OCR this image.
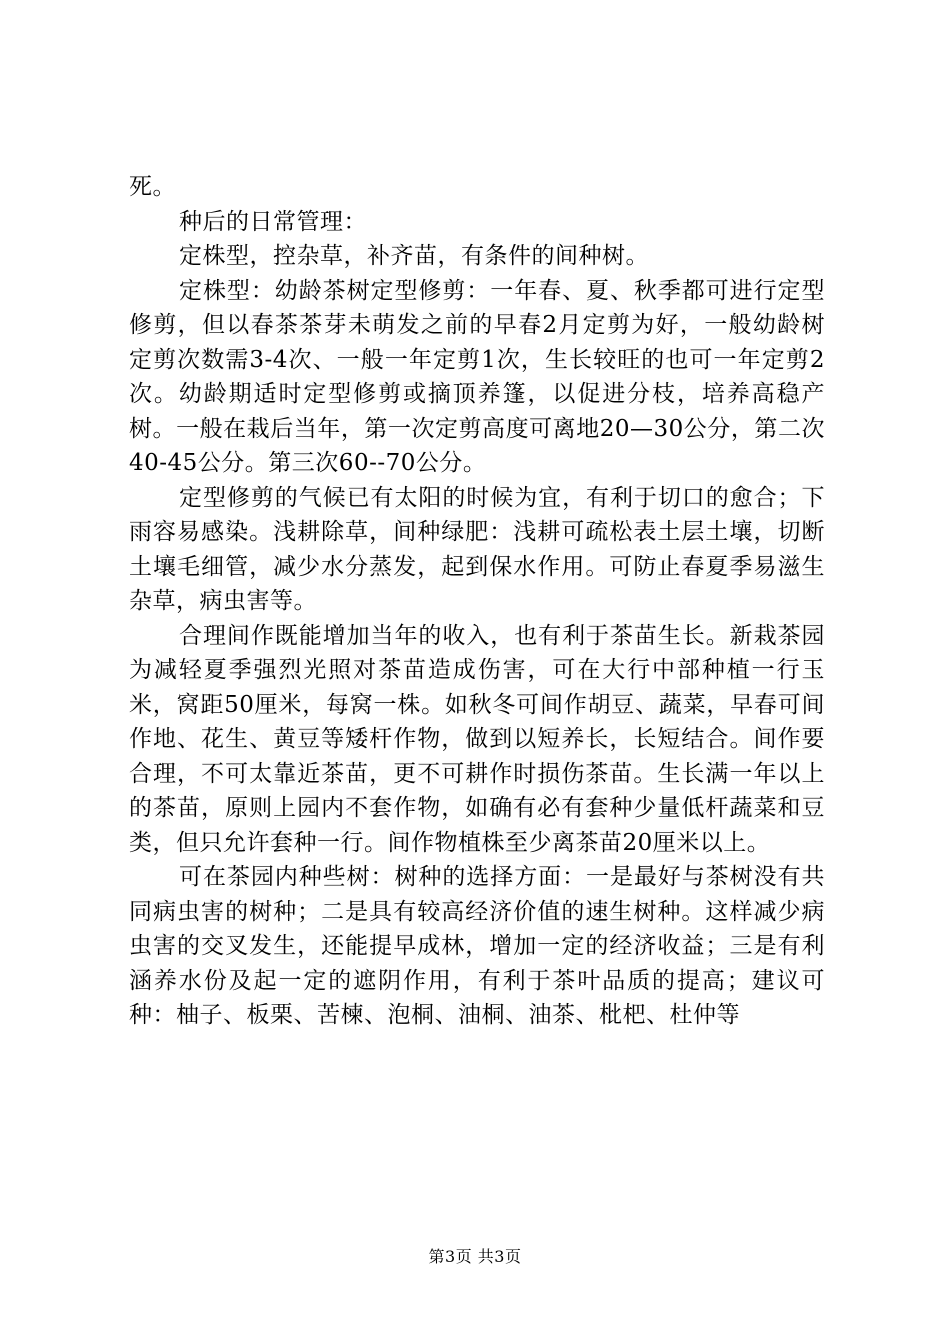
死。

种后的日常管理：

定株型，控杂草，补齐苗，有条件的间种树。

定株型：幼龄茶树定型修剪：一年春、夏、秋季都可进行定型修剪，但以春茶茶芽未萌发之前的早春2月定剪为好，一般幼龄树定剪次数需3-4次、一般一年定剪1次，生长较旺的也可一年定剪2次。幼龄期适时定型修剪或摘顶养篷，以促进分枝，培养高稳产树。一般在栽后当年，第一次定剪高度可离地20—30公分，第二次40-45公分。第三次60--70公分。

定型修剪的气候已有太阳的时候为宜，有利于切口的愈合；下雨容易感染。浅耕除草，间种绿肥：浅耕可疏松表土层土壤，切断土壤毛细管，减少水分蒸发，起到保水作用。可防止春夏季易滋生杂草，病虫害等。

合理间作既能增加当年的收入，也有利于茶苗生长。新栽茶园为减轻夏季强烈光照对茶苗造成伤害，可在大行中部种植一行玉米，窝距50厘米，每窝一株。如秋冬可间作胡豆、蔬菜，早春可间作地、花生、黄豆等矮杆作物，做到以短养长，长短结合。间作要合理，不可太靠近茶苗，更不可耕作时损伤茶苗。生长满一年以上的茶苗，原则上园内不套作物，如确有必有套种少量低杆蔬菜和豆类，但只允许套种一行。间作物植株至少离茶苗20厘米以上。

可在茶园内种些树：树种的选择方面：一是最好与茶树没有共同病虫害的树种；二是具有较高经济价值的速生树种。这样减少病虫害的交叉发生，还能提早成林，增加一定的经济收益；三是有利涵养水份及起一定的遮阴作用，有利于茶叶品质的提高；建议可种：柚子、板栗、苦楝、泡桐、油桐、油茶、枇杷、杜仲等

第3页 共3页
